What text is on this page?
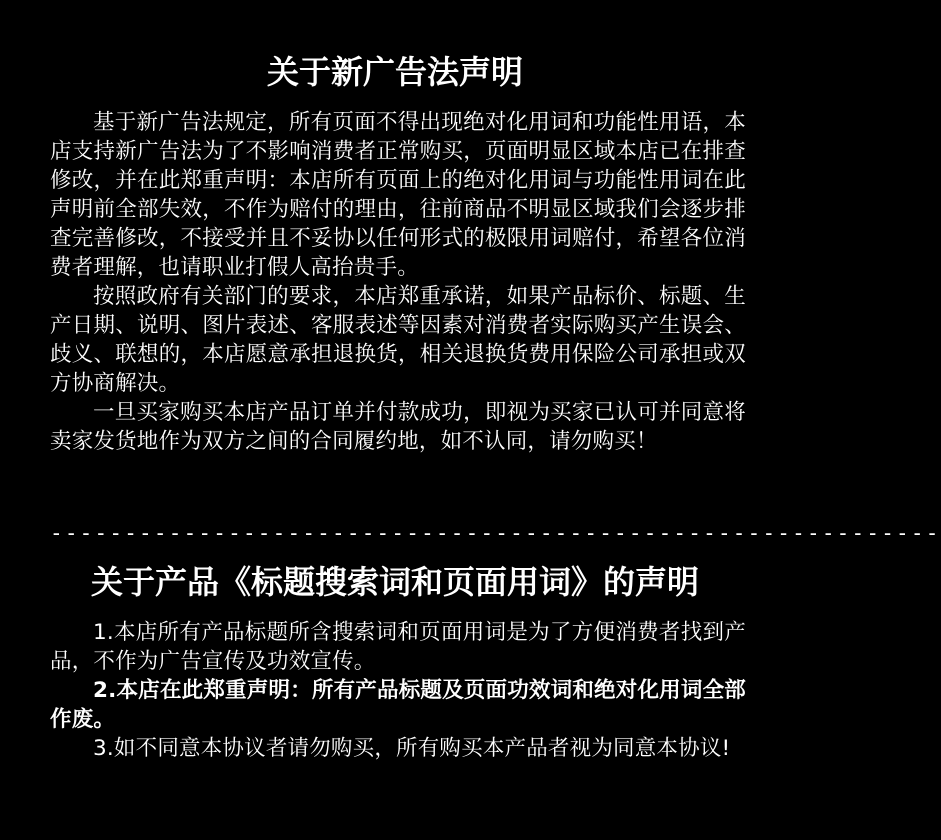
关于新广告法声明

基于新广告法规定，所有页面不得出现绝对化用词和功能性用语，本店支持新广告法为了不影响消费者正常购买，页面明显区域本店已在排查修改，并在此郑重声明：本店所有页面上的绝对化用词与功能性用词在此声明前全部失效，不作为赔付的理由，往前商品不明显区域我们会逐步排查完善修改，不接受并且不妥协以任何形式的极限用词赔付，希望各位消费者理解，也请职业打假人高抬贵手。

按照政府有关部门的要求，本店郑重承诺，如果产品标价、标题、生产日期、说明、图片表述、客服表述等因素对消费者实际购买产生误会、歧义、联想的，本店愿意承担退换货，相关退换货费用保险公司承担或双方协商解决。

一旦买家购买本店产品订单并付款成功，即视为买家已认可并同意将卖家发货地作为双方之间的合同履约地，如不认同，请勿购买！

------------------------------------------------------------
关于产品《标题搜索词和页面用词》的声明

1.本店所有产品标题所含搜索词和页面用词是为了方便消费者找到产品，不作为广告宣传及功效宣传。

2.本店在此郑重声明：所有产品标题及页面功效词和绝对化用词全部作废。

3.如不同意本协议者请勿购买，所有购买本产品者视为同意本协议!
